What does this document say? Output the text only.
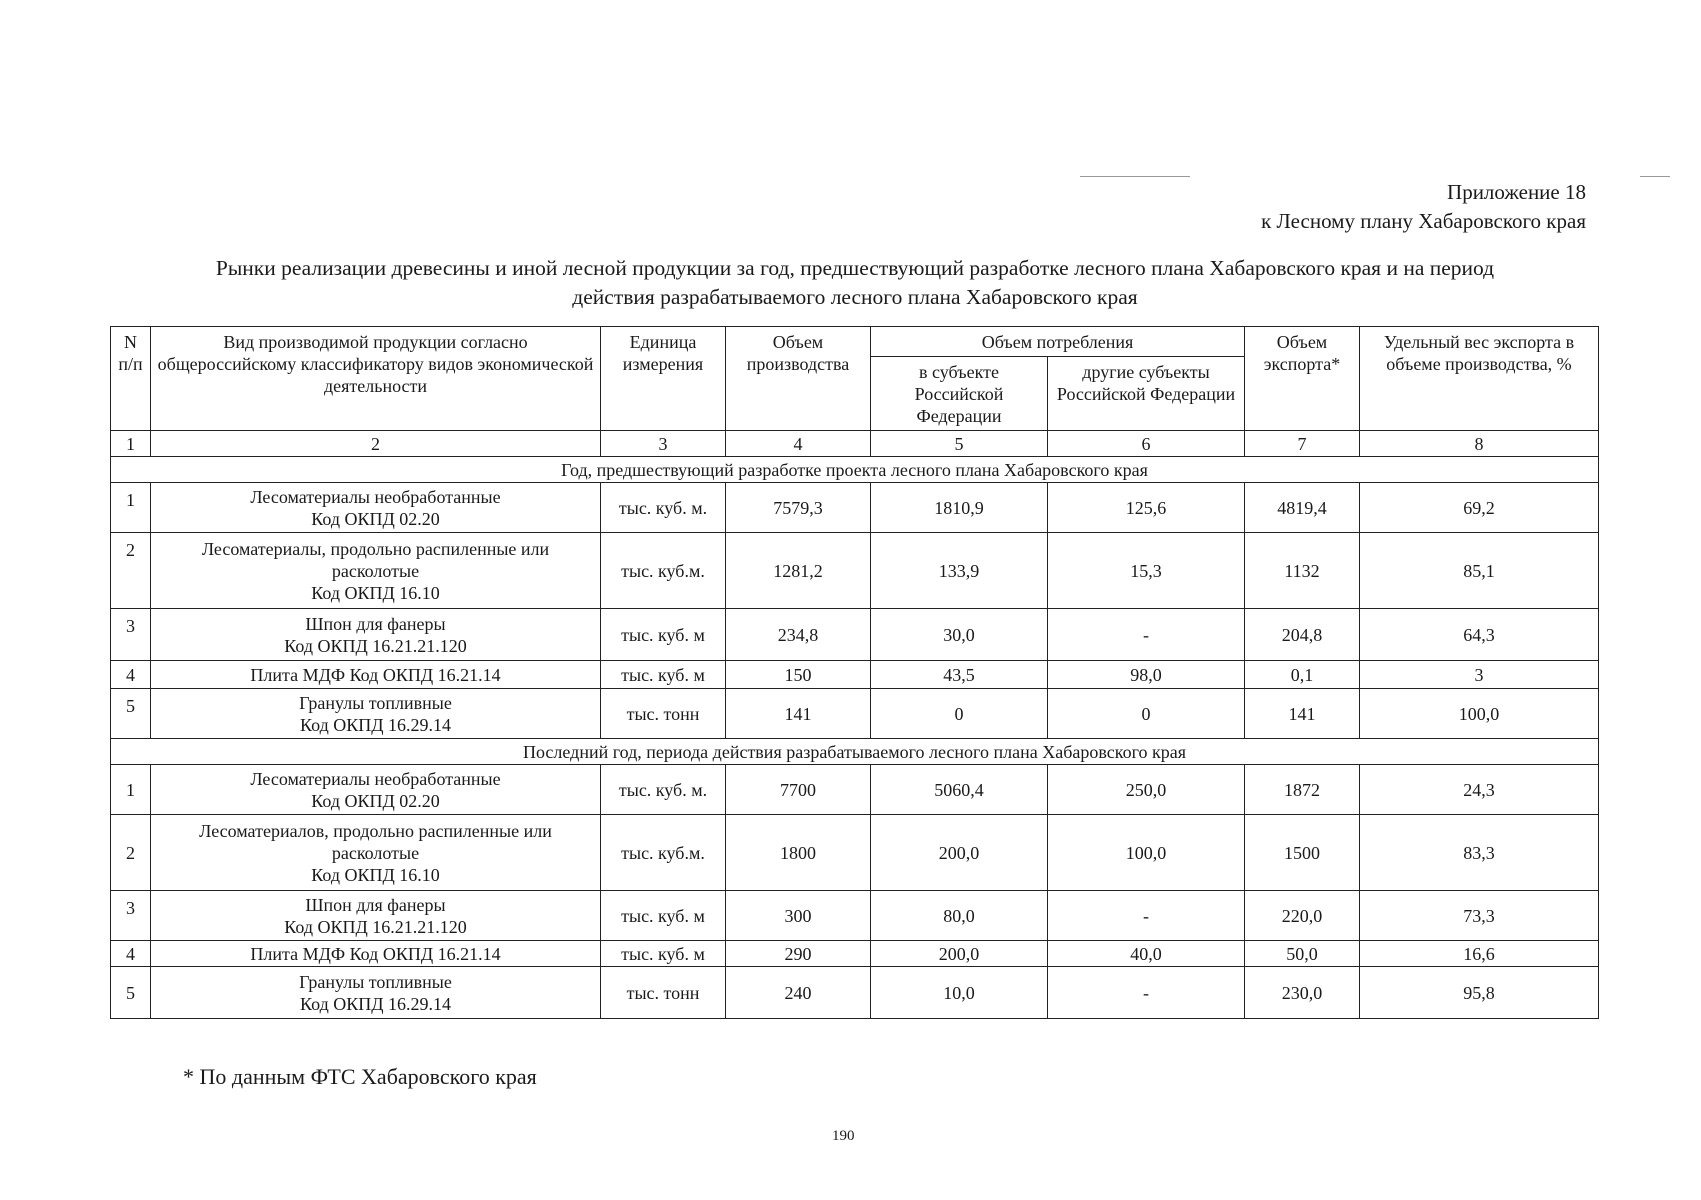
Приложение 18
к Лесному плану Хабаровского края
Рынки реализации древесины и иной лесной продукции за год, предшествующий разработке лесного плана Хабаровского края и на период
действия разрабатываемого лесного плана Хабаровского края
N п/п	Вид производимой продукции согласно общероссийскому классификатору видов экономической деятельности	Единица измерения	Объем производства	Объем потребления		Объем экспорта*	Удельный вес экспорта в объеме производства, %
				в субъекте Российской Федерации	другие субъекты Российской Федерации		
1	2	3	4	5	6	7	8
Год, предшествующий разработке проекта лесного плана Хабаровского края							
1	Лесоматериалы необработанные
Код ОКПД 02.20	тыс. куб. м.	7579,3	1810,9	125,6	4819,4	69,2
2	Лесоматериалы, продольно распиленные или
расколотые
Код ОКПД 16.10	тыс. куб.м.	1281,2	133,9	15,3	1132	85,1
3	Шпон для фанеры
Код ОКПД 16.21.21.120	тыс. куб. м	234,8	30,0	-	204,8	64,3
4	Плита МДФ Код ОКПД 16.21.14	тыс. куб. м	150	43,5	98,0	0,1	3
5	Гранулы топливные
Код ОКПД 16.29.14	тыс. тонн	141	0	0	141	100,0
Последний год, периода действия разрабатываемого лесного плана Хабаровского края							
1	Лесоматериалы необработанные
Код ОКПД 02.20	тыс. куб. м.	7700	5060,4	250,0	1872	24,3
2	Лесоматериалов, продольно распиленные или
расколотые
Код ОКПД 16.10	тыс. куб.м.	1800	200,0	100,0	1500	83,3
3	Шпон для фанеры
Код ОКПД 16.21.21.120	тыс. куб. м	300	80,0	-	220,0	73,3
4	Плита МДФ Код ОКПД 16.21.14	тыс. куб. м	290	200,0	40,0	50,0	16,6
5	Гранулы топливные
Код ОКПД 16.29.14	тыс. тонн	240	10,0	-	230,0	95,8
* По данным ФТС Хабаровского края
190
